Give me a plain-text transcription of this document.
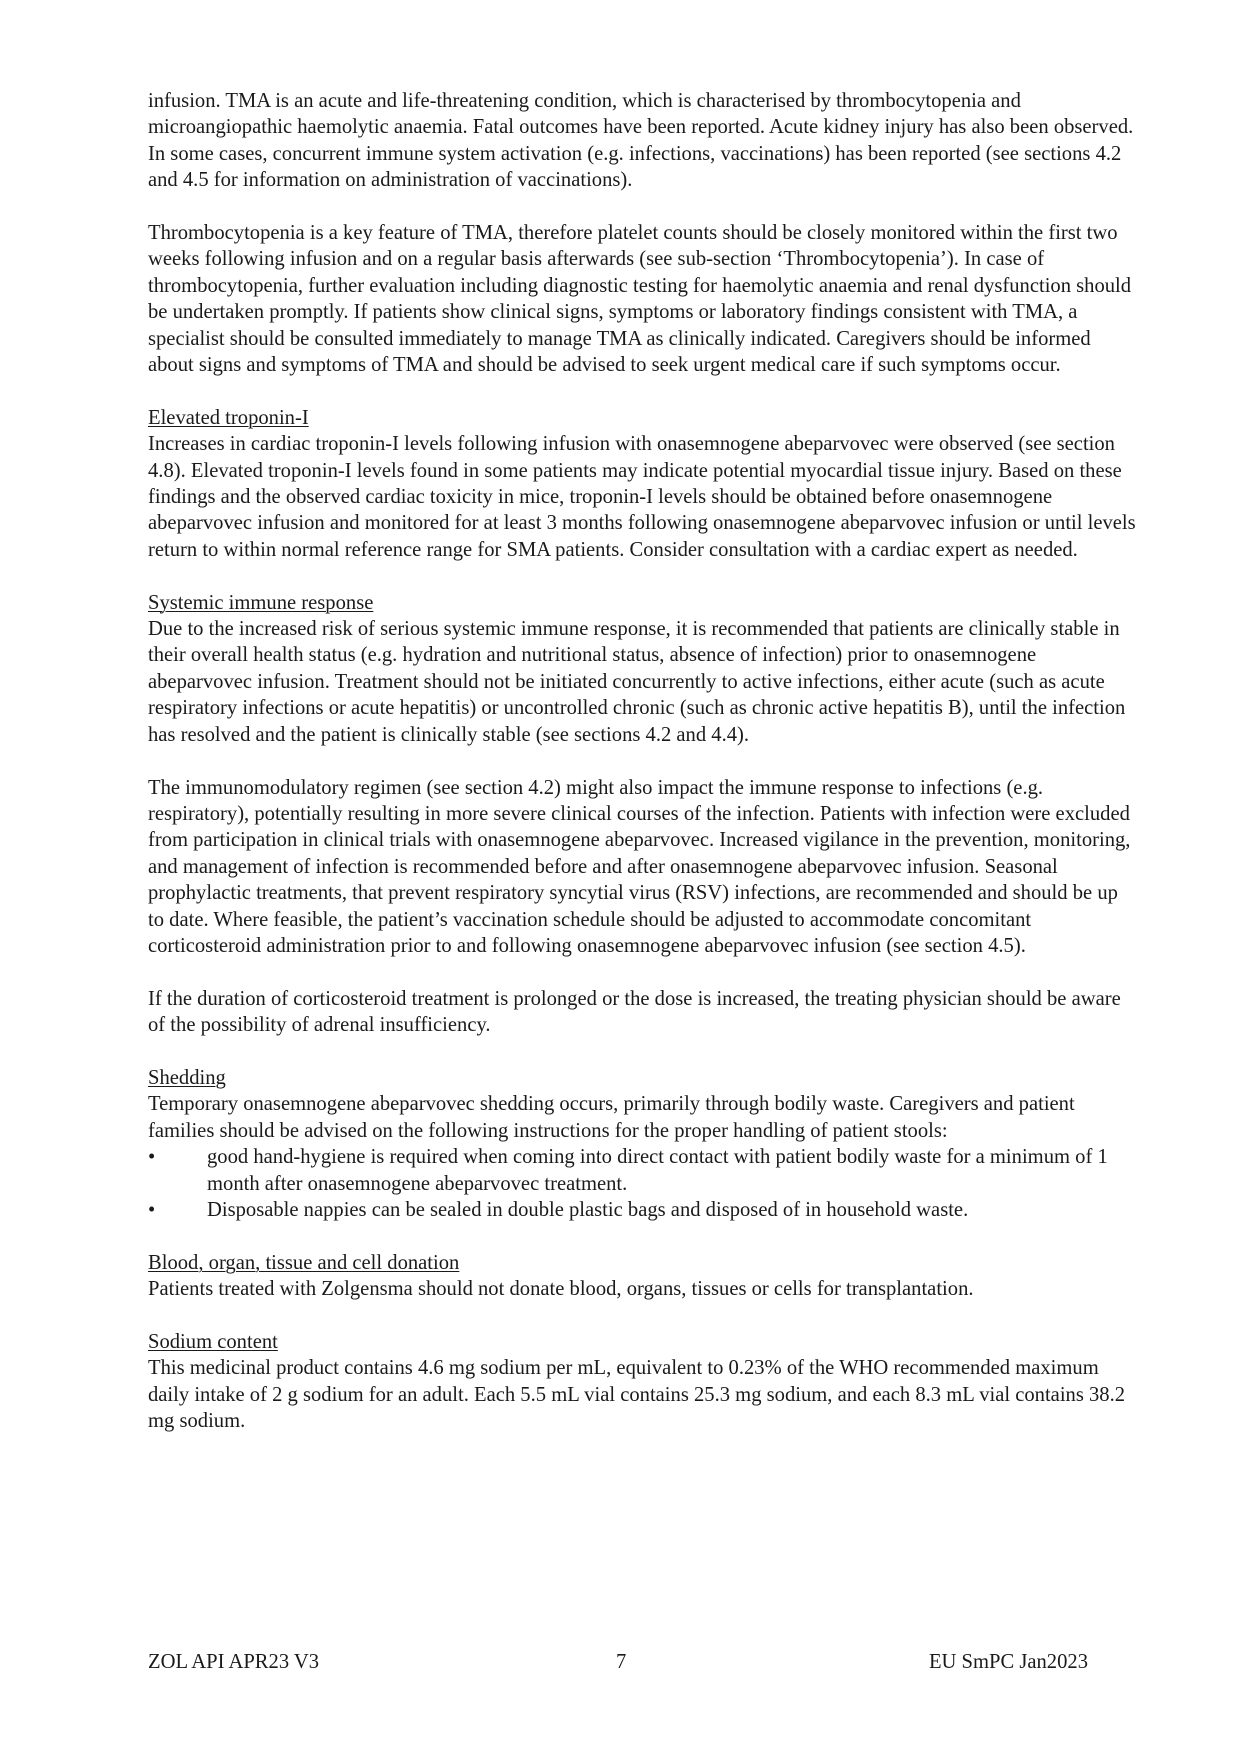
infusion. TMA is an acute and life-threatening condition, which is characterised by thrombocytopenia and microangiopathic haemolytic anaemia. Fatal outcomes have been reported. Acute kidney injury has also been observed. In some cases, concurrent immune system activation (e.g. infections, vaccinations) has been reported (see sections 4.2 and 4.5 for information on administration of vaccinations).

Thrombocytopenia is a key feature of TMA, therefore platelet counts should be closely monitored within the first two weeks following infusion and on a regular basis afterwards (see sub-section ‘Thrombocytopenia’). In case of thrombocytopenia, further evaluation including diagnostic testing for haemolytic anaemia and renal dysfunction should be undertaken promptly. If patients show clinical signs, symptoms or laboratory findings consistent with TMA, a specialist should be consulted immediately to manage TMA as clinically indicated. Caregivers should be informed about signs and symptoms of TMA and should be advised to seek urgent medical care if such symptoms occur.

Elevated troponin-I

Increases in cardiac troponin-I levels following infusion with onasemnogene abeparvovec were observed (see section 4.8). Elevated troponin-I levels found in some patients may indicate potential myocardial tissue injury. Based on these findings and the observed cardiac toxicity in mice, troponin-I levels should be obtained before onasemnogene abeparvovec infusion and monitored for at least 3 months following onasemnogene abeparvovec infusion or until levels return to within normal reference range for SMA patients. Consider consultation with a cardiac expert as needed.

Systemic immune response

Due to the increased risk of serious systemic immune response, it is recommended that patients are clinically stable in their overall health status (e.g. hydration and nutritional status, absence of infection) prior to onasemnogene abeparvovec infusion. Treatment should not be initiated concurrently to active infections, either acute (such as acute respiratory infections or acute hepatitis) or uncontrolled chronic (such as chronic active hepatitis B), until the infection has resolved and the patient is clinically stable (see sections 4.2 and 4.4).

The immunomodulatory regimen (see section 4.2) might also impact the immune response to infections (e.g. respiratory), potentially resulting in more severe clinical courses of the infection. Patients with infection were excluded from participation in clinical trials with onasemnogene abeparvovec. Increased vigilance in the prevention, monitoring, and management of infection is recommended before and after onasemnogene abeparvovec infusion. Seasonal prophylactic treatments, that prevent respiratory syncytial virus (RSV) infections, are recommended and should be up to date. Where feasible, the patient’s vaccination schedule should be adjusted to accommodate concomitant corticosteroid administration prior to and following onasemnogene abeparvovec infusion (see section 4.5).

If the duration of corticosteroid treatment is prolonged or the dose is increased, the treating physician should be aware of the possibility of adrenal insufficiency.

Shedding

Temporary onasemnogene abeparvovec shedding occurs, primarily through bodily waste. Caregivers and patient families should be advised on the following instructions for the proper handling of patient stools:

•	good hand-hygiene is required when coming into direct contact with patient bodily waste for a minimum of 1 month after onasemnogene abeparvovec treatment.
•	Disposable nappies can be sealed in double plastic bags and disposed of in household waste.
Blood, organ, tissue and cell donation

Patients treated with Zolgensma should not donate blood, organs, tissues or cells for transplantation.

Sodium content

This medicinal product contains 4.6 mg sodium per mL, equivalent to 0.23% of the WHO recommended maximum daily intake of 2 g sodium for an adult. Each 5.5 mL vial contains 25.3 mg sodium, and each 8.3 mL vial contains 38.2 mg sodium.

ZOL API APR23 V3	7	EU SmPC Jan2023
